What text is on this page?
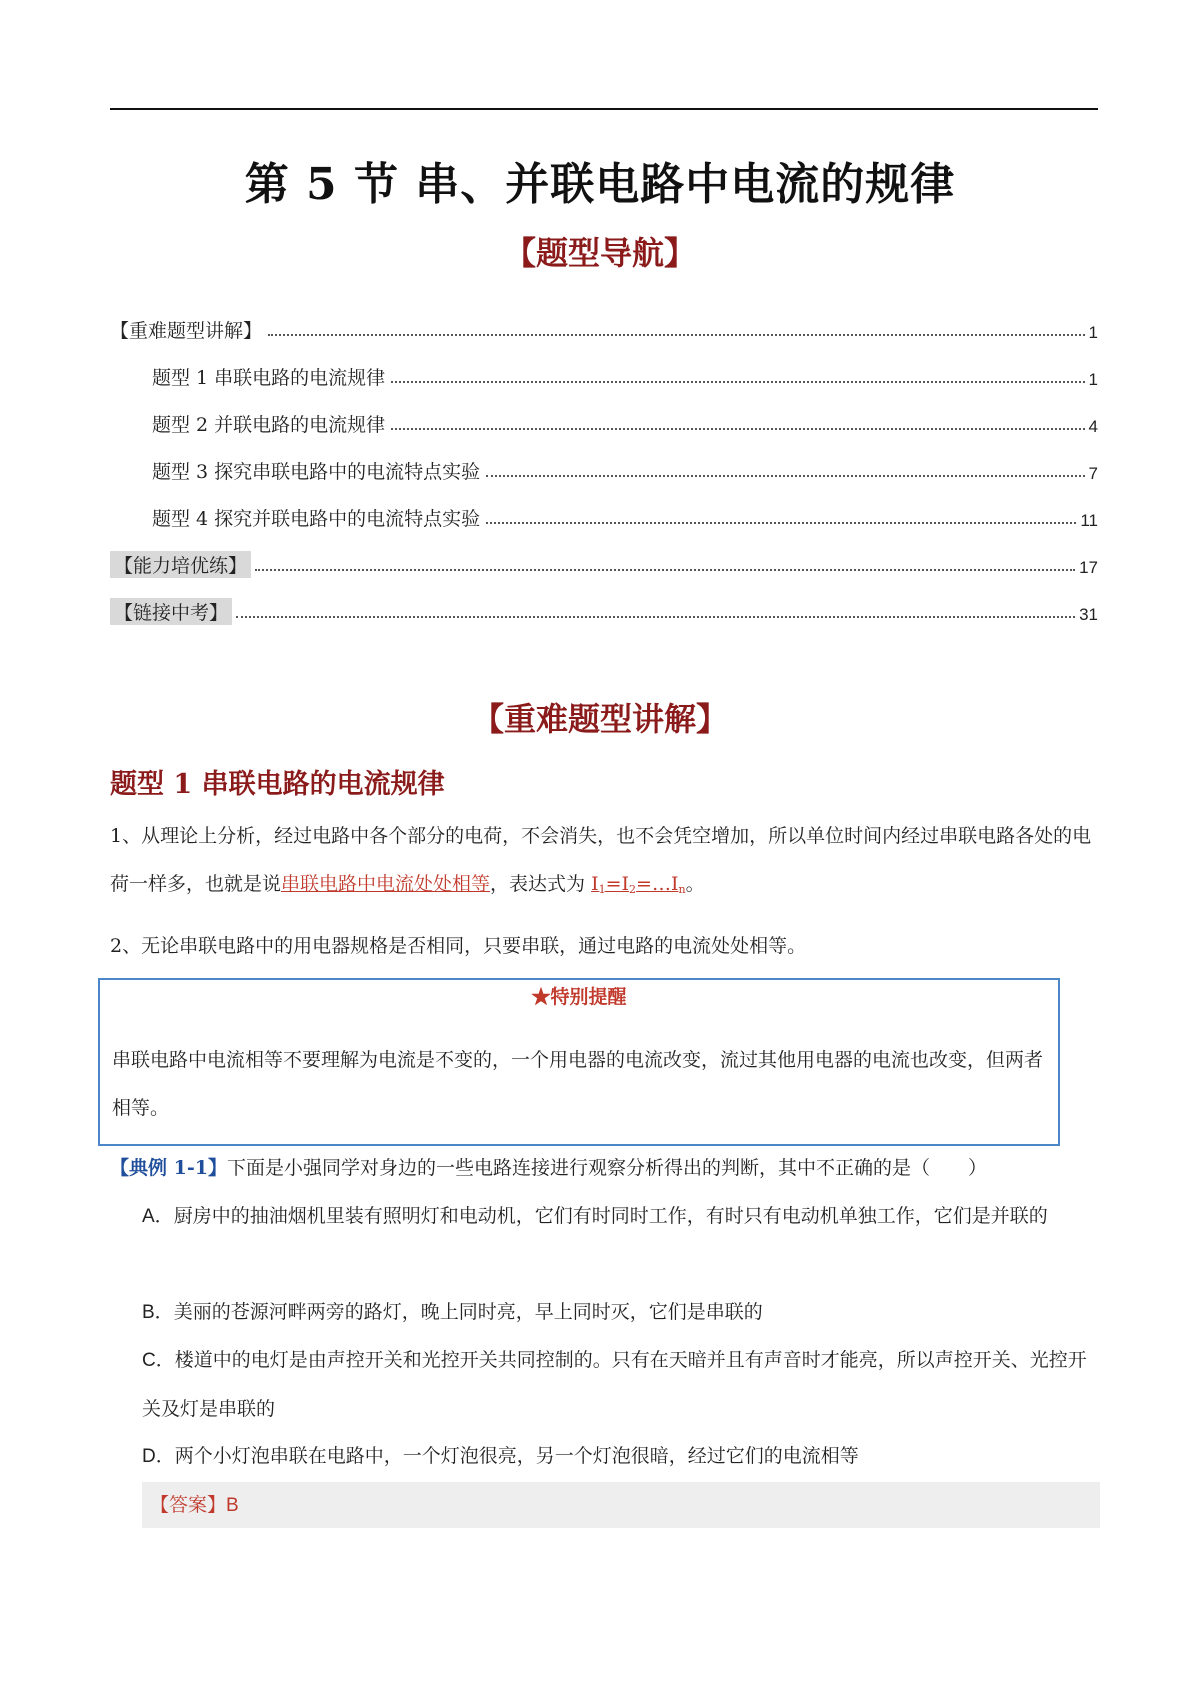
第 5 节 串、并联电路中电流的规律
【题型导航】
【重难题型讲解】	1
题型 1 串联电路的电流规律	1
题型 2 并联电路的电流规律	4
题型 3 探究串联电路中的电流特点实验	7
题型 4 探究并联电路中的电流特点实验	11
【能力培优练】	17
【链接中考】	31
【重难题型讲解】
题型 1 串联电路的电流规律
1、从理论上分析，经过电路中各个部分的电荷，不会消失，也不会凭空增加，所以单位时间内经过串联电路各处的电荷一样多，也就是说串联电路中电流处处相等，表达式为 I1=I2=…In。
2、无论串联电路中的用电器规格是否相同，只要串联，通过电路的电流处处相等。
★特别提醒
串联电路中电流相等不要理解为电流是不变的，一个用电器的电流改变，流过其他用电器的电流也改变，但两者相等。
【典例 1-1】下面是小强同学对身边的一些电路连接进行观察分析得出的判断，其中不正确的是（　　）
A．厨房中的抽油烟机里装有照明灯和电动机，它们有时同时工作，有时只有电动机单独工作，它们是并联的
B．美丽的苍源河畔两旁的路灯，晚上同时亮，早上同时灭，它们是串联的
C．楼道中的电灯是由声控开关和光控开关共同控制的。只有在天暗并且有声音时才能亮，所以声控开关、光控开关及灯是串联的
D．两个小灯泡串联在电路中，一个灯泡很亮，另一个灯泡很暗，经过它们的电流相等
【答案】B
